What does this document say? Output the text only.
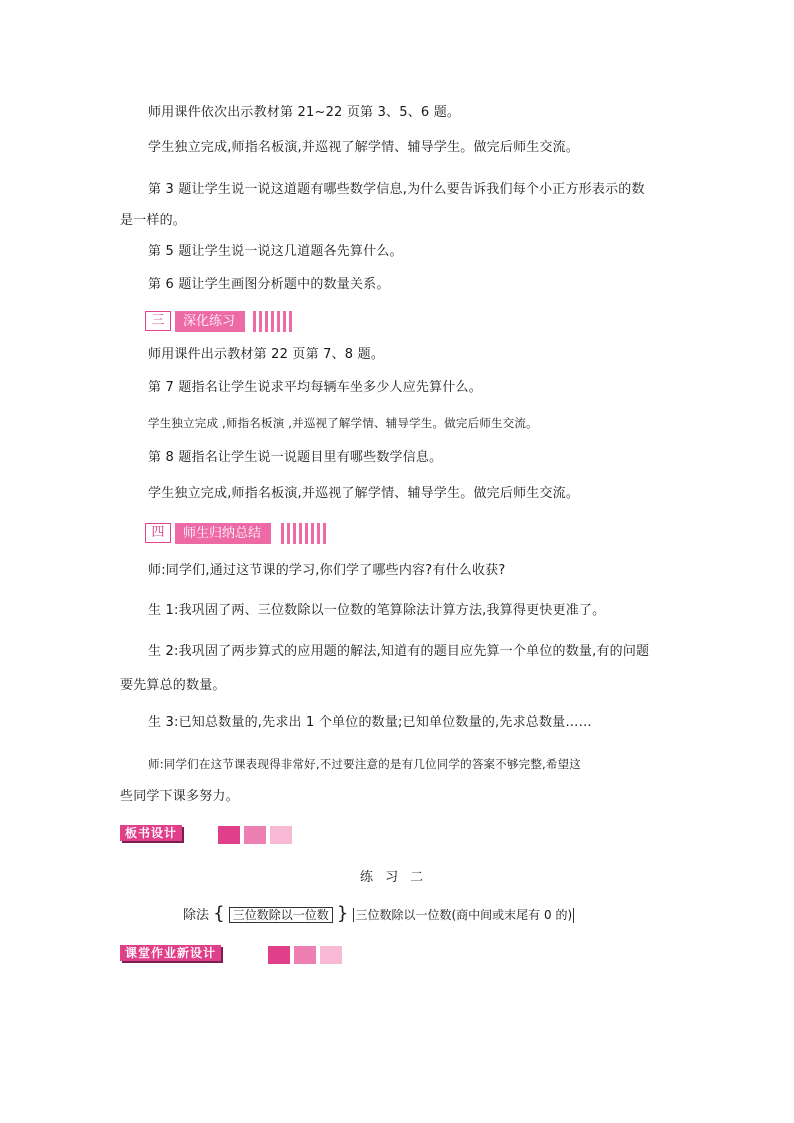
师用课件依次出示教材第 21~22 页第 3、5、6 题。
学生独立完成,师指名板演,并巡视了解学情、辅导学生。做完后师生交流。
第 3 题让学生说一说这道题有哪些数学信息,为什么要告诉我们每个小正方形表示的数
是一样的。
第 5 题让学生说一说这几道题各先算什么。
第 6 题让学生画图分析题中的数量关系。
三	深化练习
师用课件出示教材第 22 页第 7、8 题。
第 7 题指名让学生说求平均每辆车坐多少人应先算什么。
学生独立完成 ,师指名板演 ,并巡视了解学情、辅导学生。做完后师生交流。
第 8 题指名让学生说一说题目里有哪些数学信息。
学生独立完成,师指名板演,并巡视了解学情、辅导学生。做完后师生交流。
四	师生归纳总结
师:同学们,通过这节课的学习,你们学了哪些内容?有什么收获?
生 1:我巩固了两、三位数除以一位数的笔算除法计算方法,我算得更快更准了。
生 2:我巩固了两步算式的应用题的解法,知道有的题目应先算一个单位的数量,有的问题
要先算总的数量。
生 3:已知总数量的,先求出 1 个单位的数量;已知单位数量的,先求总数量……
师:同学们在这节课表现得非常好,不过要注意的是有几位同学的答案不够完整,希望这
些同学下课多努力。
板书设计
练 习 二
除法 { 三位数除以一位数 } 三位数除以一位数(商中间或末尾有 0 的)
课堂作业新设计
